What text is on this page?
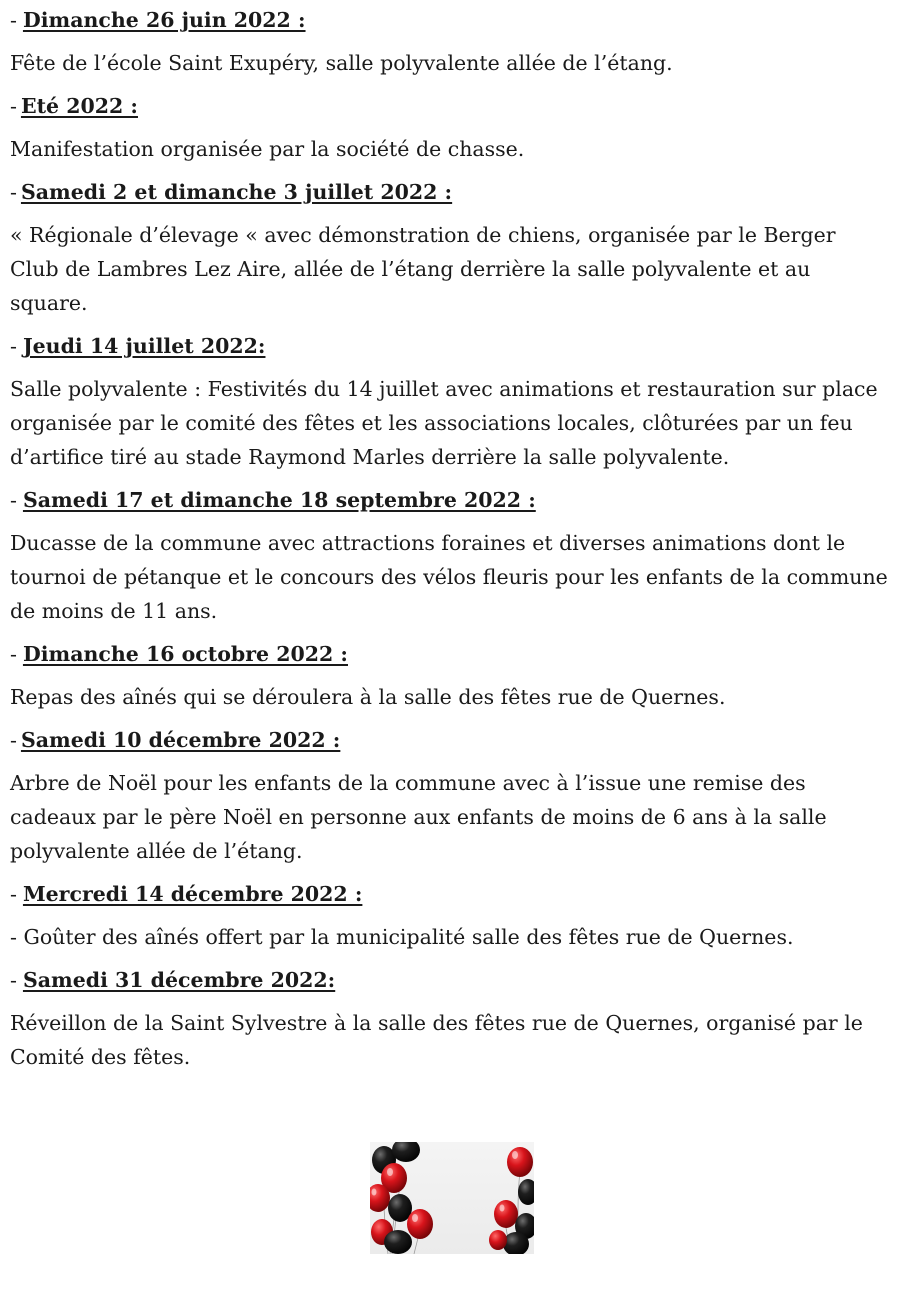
- Dimanche 26 juin 2022 :

Fête de l’école Saint Exupéry, salle polyvalente allée de l’étang.

- Eté 2022 :

Manifestation organisée par la société de chasse.

- Samedi 2 et dimanche 3 juillet 2022 :

« Régionale d’élevage « avec démonstration de chiens, organisée par le Berger Club de Lambres Lez Aire, allée de l’étang derrière la salle polyvalente et au square.

- Jeudi 14 juillet 2022:

Salle polyvalente : Festivités du 14 juillet avec animations et restauration sur place organisée par le comité des fêtes et les associations locales, clôturées par un feu d’artifice tiré au stade Raymond Marles derrière la salle polyvalente.

- Samedi 17 et dimanche 18 septembre 2022 :

Ducasse de la commune avec attractions foraines et diverses animations dont le tournoi de pétanque et le concours des vélos fleuris pour les enfants de la commune de moins de 11 ans.

- Dimanche 16 octobre 2022 :

Repas des aînés qui se déroulera à la salle des fêtes rue de Quernes.

- Samedi 10 décembre 2022 :

Arbre de Noël pour les enfants de la commune avec à l’issue une remise des cadeaux par le père Noël en personne aux enfants de moins de 6 ans à la salle polyvalente allée de l’étang.

- Mercredi 14 décembre 2022 :

- Goûter des aînés offert par la municipalité salle des fêtes rue de Quernes.

- Samedi 31 décembre 2022:

Réveillon de la Saint Sylvestre à la salle des fêtes rue de Quernes, organisé par le Comité des fêtes.
